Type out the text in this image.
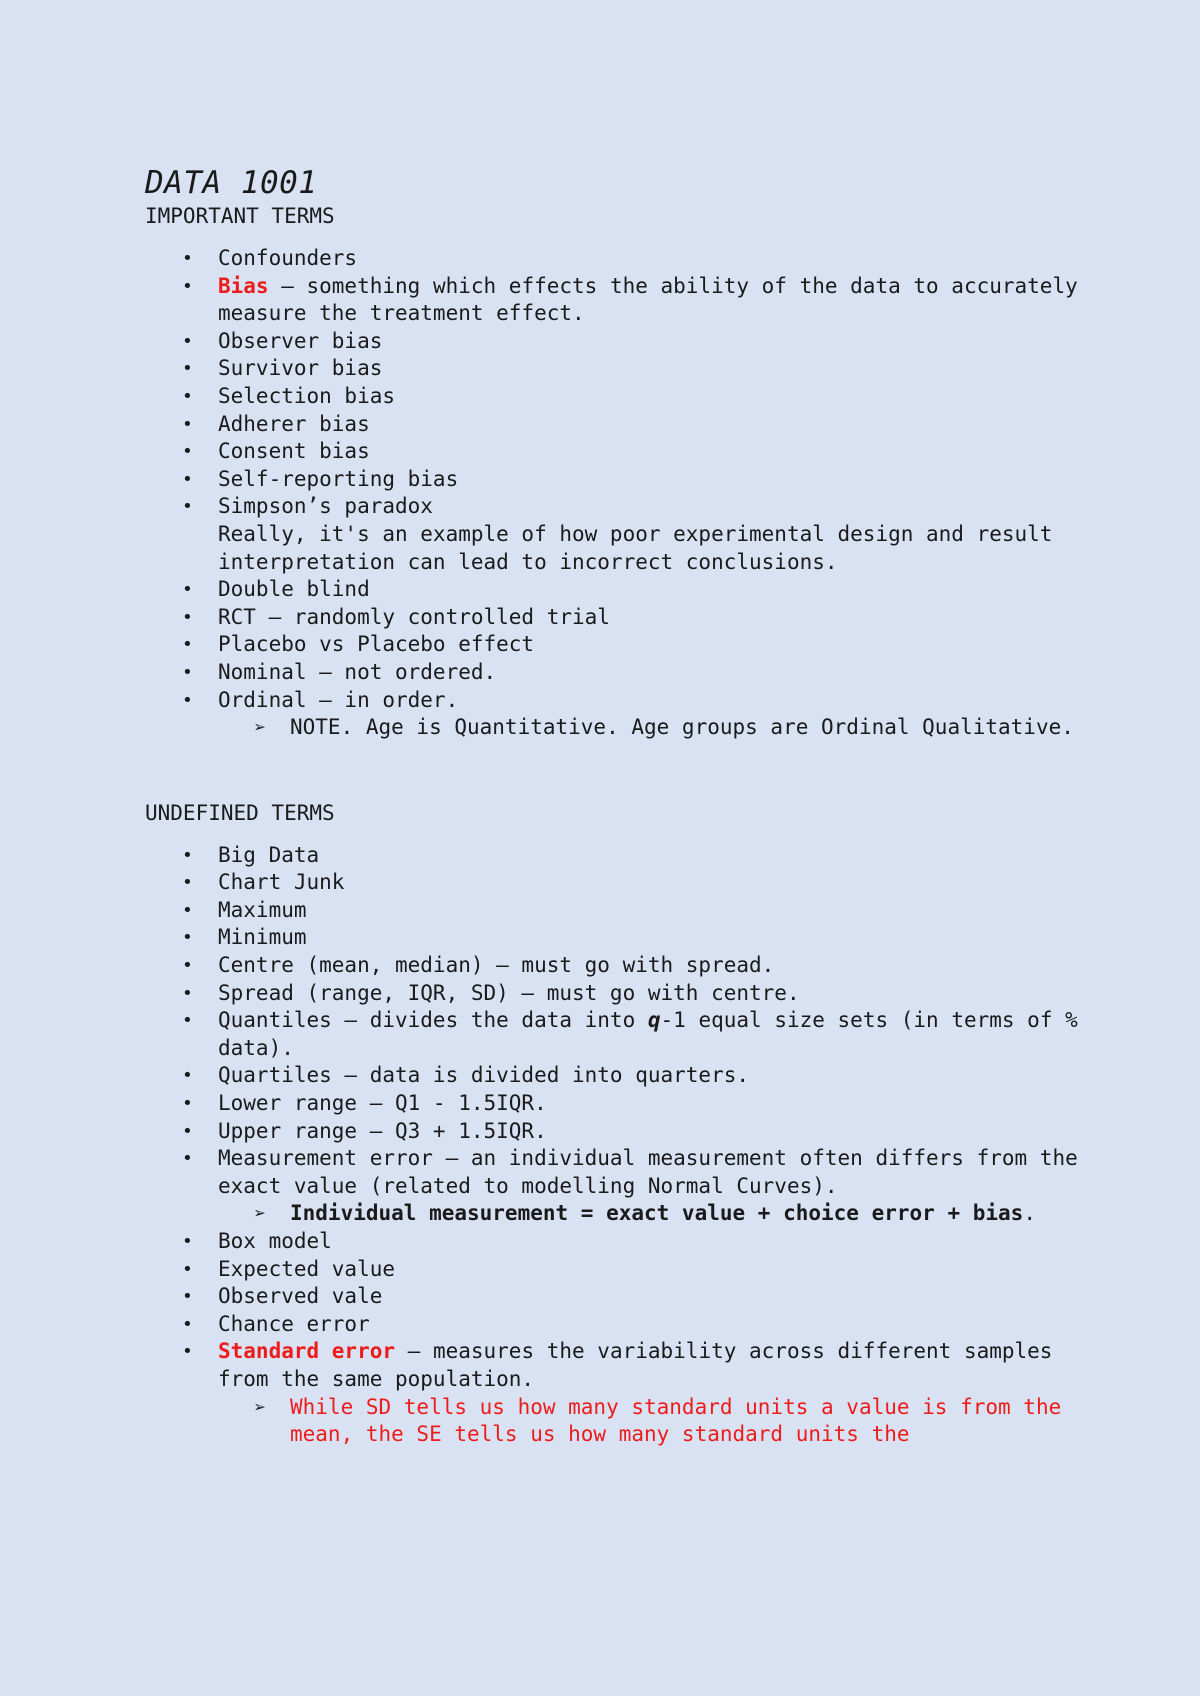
DATA 1001
IMPORTANT TERMS
• Confounders
• Bias – something which effects the ability of the data to accurately measure the treatment effect.
• Observer bias
• Survivor bias
• Selection bias
• Adherer bias
• Consent bias
• Self-reporting bias
• Simpson’s paradox
Really, it's an example of how poor experimental design and result interpretation can lead to incorrect conclusions.
• Double blind
• RCT – randomly controlled trial
• Placebo vs Placebo effect
• Nominal – not ordered.
• Ordinal – in order.
➢ NOTE. Age is Quantitative. Age groups are Ordinal Qualitative.
UNDEFINED TERMS
• Big Data
• Chart Junk
• Maximum
• Minimum
• Centre (mean, median) – must go with spread.
• Spread (range, IQR, SD) – must go with centre.
• Quantiles – divides the data into q-1 equal size sets (in terms of % data).
• Quartiles – data is divided into quarters.
• Lower range – Q1 - 1.5IQR.
• Upper range – Q3 + 1.5IQR.
• Measurement error – an individual measurement often differs from the exact value (related to modelling Normal Curves).
➢ Individual measurement = exact value + choice error + bias.
• Box model
• Expected value
• Observed vale
• Chance error
• Standard error – measures the variability across different samples from the same population.
➢ While SD tells us how many standard units a value is from the mean, the SE tells us how many standard units the
